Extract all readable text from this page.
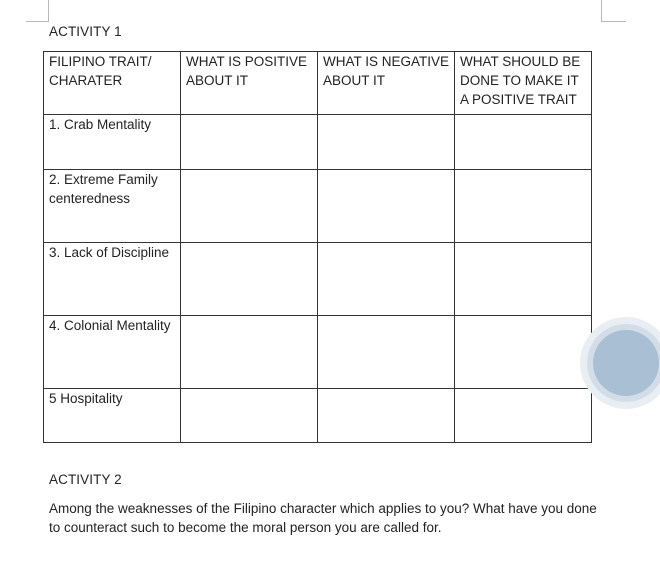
ACTIVITY 1
FILIPINO TRAIT/ CHARATER	WHAT IS POSITIVE ABOUT IT	WHAT IS NEGATIVE ABOUT IT	WHAT SHOULD BE DONE TO MAKE IT A POSITIVE TRAIT
1. Crab Mentality			
2. Extreme Family centeredness			
3. Lack of Discipline			
4. Colonial Mentality			
5 Hospitality			
ACTIVITY 2

Among the weaknesses of the Filipino character which applies to you? What have you done to counteract such to become the moral person you are called for.
